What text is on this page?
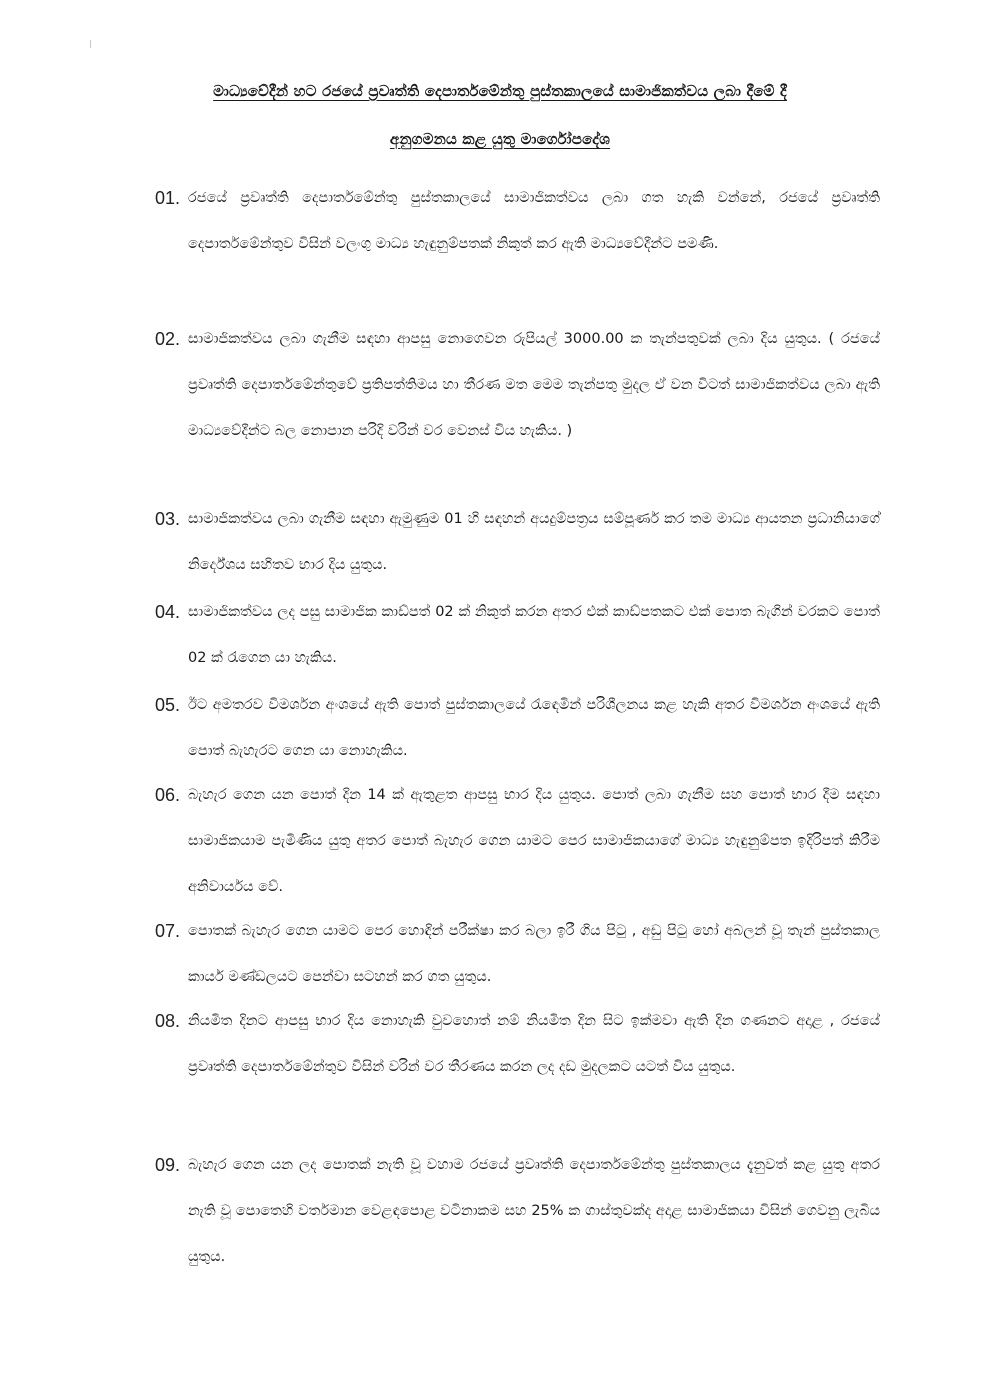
මාධ්‍යවේදීන් හට රජයේ ප්‍රවෘත්ති දෙපාර්තමේන්තු පුස්තකාලයේ සාමාජිකත්වය ලබා දීමේ දී
අනුගමනය කළ යුතු මාර්ගෝපදේශ
01. රජයේ ප්‍රවෘත්ති දෙපාර්තමේන්තු පුස්තකාලයේ සාමාජිකත්වය ලබා ගත හැකි වන්නේ, රජයේ ප්‍රවෘත්ති දෙපාර්තමේන්තුව විසින් වලංගු මාධ්‍ය හැඳුනුම්පතක් නිකුත් කර ඇති මාධ්‍යවේදීන්ට පමණි.
02. සාමාජිකත්වය ලබා ගැනීම සඳහා ආපසු නොගෙවන රුපියල් 3000.00 ක තැන්පතුවක් ලබා දිය යුතුය. ( රජයේ ප්‍රවෘත්ති දෙපාර්තමේන්තුවේ ප්‍රතිපත්තිමය හා තීරණ මත මෙම තැන්පතු මුදල ඒ වන විටත් සාමාජිකත්වය ලබා ඇති මාධ්‍යවේදීන්ට බල නොපාන පරිදි වරින් වර වෙනස් විය හැකිය. )
03. සාමාජිකත්වය ලබා ගැනීම සඳහා ඇමුණුම 01 හි සඳහන් අයදුම්පත්‍රය සම්පූර්ණ කර තම මාධ්‍ය ආයතන ප්‍රධානියාගේ නිර්දේශය සහිතව භාර දිය යුතුය.
04. සාමාජිකත්වය ලද පසු සාමාජික කාඩ්පත් 02 ක් නිකුත් කරන අතර එක් කාඩ්පතකට එක් පොත බැගින් වරකට පොත් 02 ක් රැගෙන යා හැකිය.
05. ඊට අමතරව විමර්ශන අංශයේ ඇති පොත් පුස්තකාලයේ රැඳෙමින් පරිශීලනය කළ හැකි අතර විමර්ශන අංශයේ ඇති පොත් බැහැරට ගෙන යා නොහැකිය.
06. බැහැර ගෙන යන පොත් දින 14 ක් ඇතුළත ආපසු භාර දිය යුතුය. පොත් ලබා ගැනීම සහ පොත් භාර දීම සඳහා සාමාජිකයාම පැමිණිය යුතු අතර පොත් බැහැර ගෙන යාමට පෙර සාමාජිකයාගේ මාධ්‍ය හැඳුනුම්පත ඉදිරිපත් කිරීම අනිවාර්යය වේ.
07. පොතක් බැහැර ගෙන යාමට පෙර හොඳින් පරීක්ෂා කර බලා ඉරී ගිය පිටු , අඩු පිටු හෝ අබලන් වූ තැන් පුස්තකාල කාර්ය මණ්ඩලයට පෙන්වා සටහන් කර ගත යුතුය.
08. නියමිත දිනට ආපසු භාර දිය නොහැකි වුවහොත් නම් නියමිත දින සිට ඉක්මවා ඇති දින ගණනට අදාළ , රජයේ ප්‍රවෘත්ති දෙපාර්තමේන්තුව විසින් වරින් වර තීරණය කරන ලද දඩ මුදලකට යටත් විය යුතුය.
09. බැහැර ගෙන යන ලද පොතක් නැති වූ වහාම රජයේ ප්‍රවෘත්ති දෙපාර්තමේන්තු පුස්තකාලය දැනුවත් කළ යුතු අතර නැති වූ පොතෙහි වර්තමාන වෙළඳපොළ වටිනාකම සහ 25% ක ගාස්තුවක්ද අදාළ සාමාජිකයා විසින් ගෙවනු ලැබිය යුතුය.
